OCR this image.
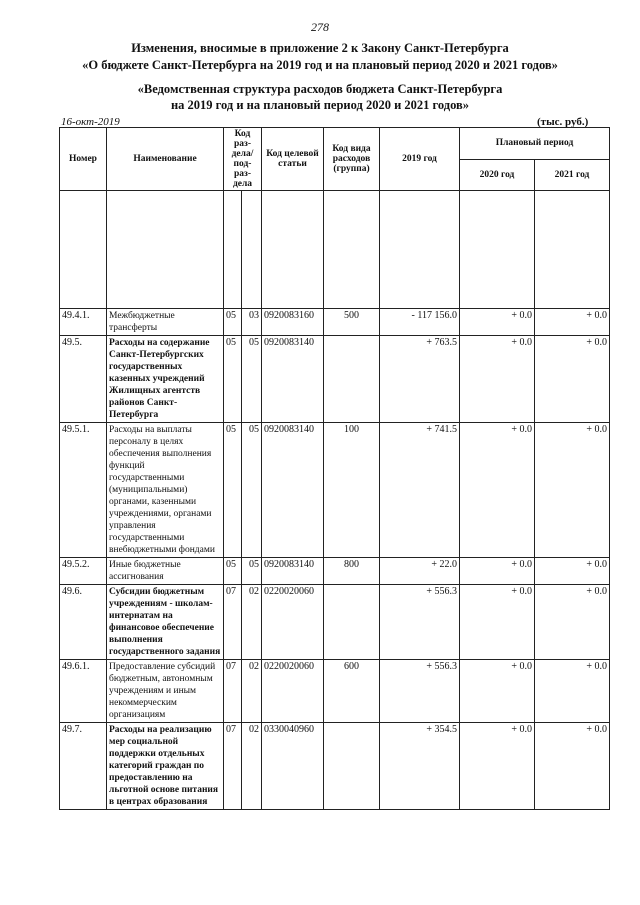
278
Изменения, вносимые в приложение 2 к Закону Санкт-Петербурга
«О бюджете Санкт-Петербурга на 2019 год и на плановый период 2020 и 2021 годов»
«Ведомственная структура расходов бюджета Санкт-Петербурга
на 2019 год и на плановый период 2020 и 2021 годов»
16-окт-2019	(тыс. руб.)
Номер	Наименование	Код раз-дела/ под-раз-дела		Код целевой статьи	Код вида расходов (группа)	2019 год	Плановый период	
							2020 год	2021 год

49.4.1.	Межбюджетные трансферты	05	03	0920083160	500	- 117 156.0	+ 0.0	+ 0.0
49.5.	Расходы на содержание Санкт-Петербургских государственных казенных учреждений Жилищных агентств районов Санкт-Петербурга	05	05	0920083140		+ 763.5	+ 0.0	+ 0.0
49.5.1.	Расходы на выплаты персоналу в целях обеспечения выполнения функций государственными (муниципальными) органами, казенными учреждениями, органами управления государственными внебюджетными фондами	05	05	0920083140	100	+ 741.5	+ 0.0	+ 0.0
49.5.2.	Иные бюджетные ассигнования	05	05	0920083140	800	+ 22.0	+ 0.0	+ 0.0
49.6.	Субсидии бюджетным учреждениям - школам-интернатам на финансовое обеспечение выполнения государственного задания	07	02	0220020060		+ 556.3	+ 0.0	+ 0.0
49.6.1.	Предоставление субсидий бюджетным, автономным учреждениям и иным некоммерческим организациям	07	02	0220020060	600	+ 556.3	+ 0.0	+ 0.0
49.7.	Расходы на реализацию мер социальной поддержки отдельных категорий граждан по предоставлению на льготной основе питания в центрах образования	07	02	0330040960		+ 354.5	+ 0.0	+ 0.0
